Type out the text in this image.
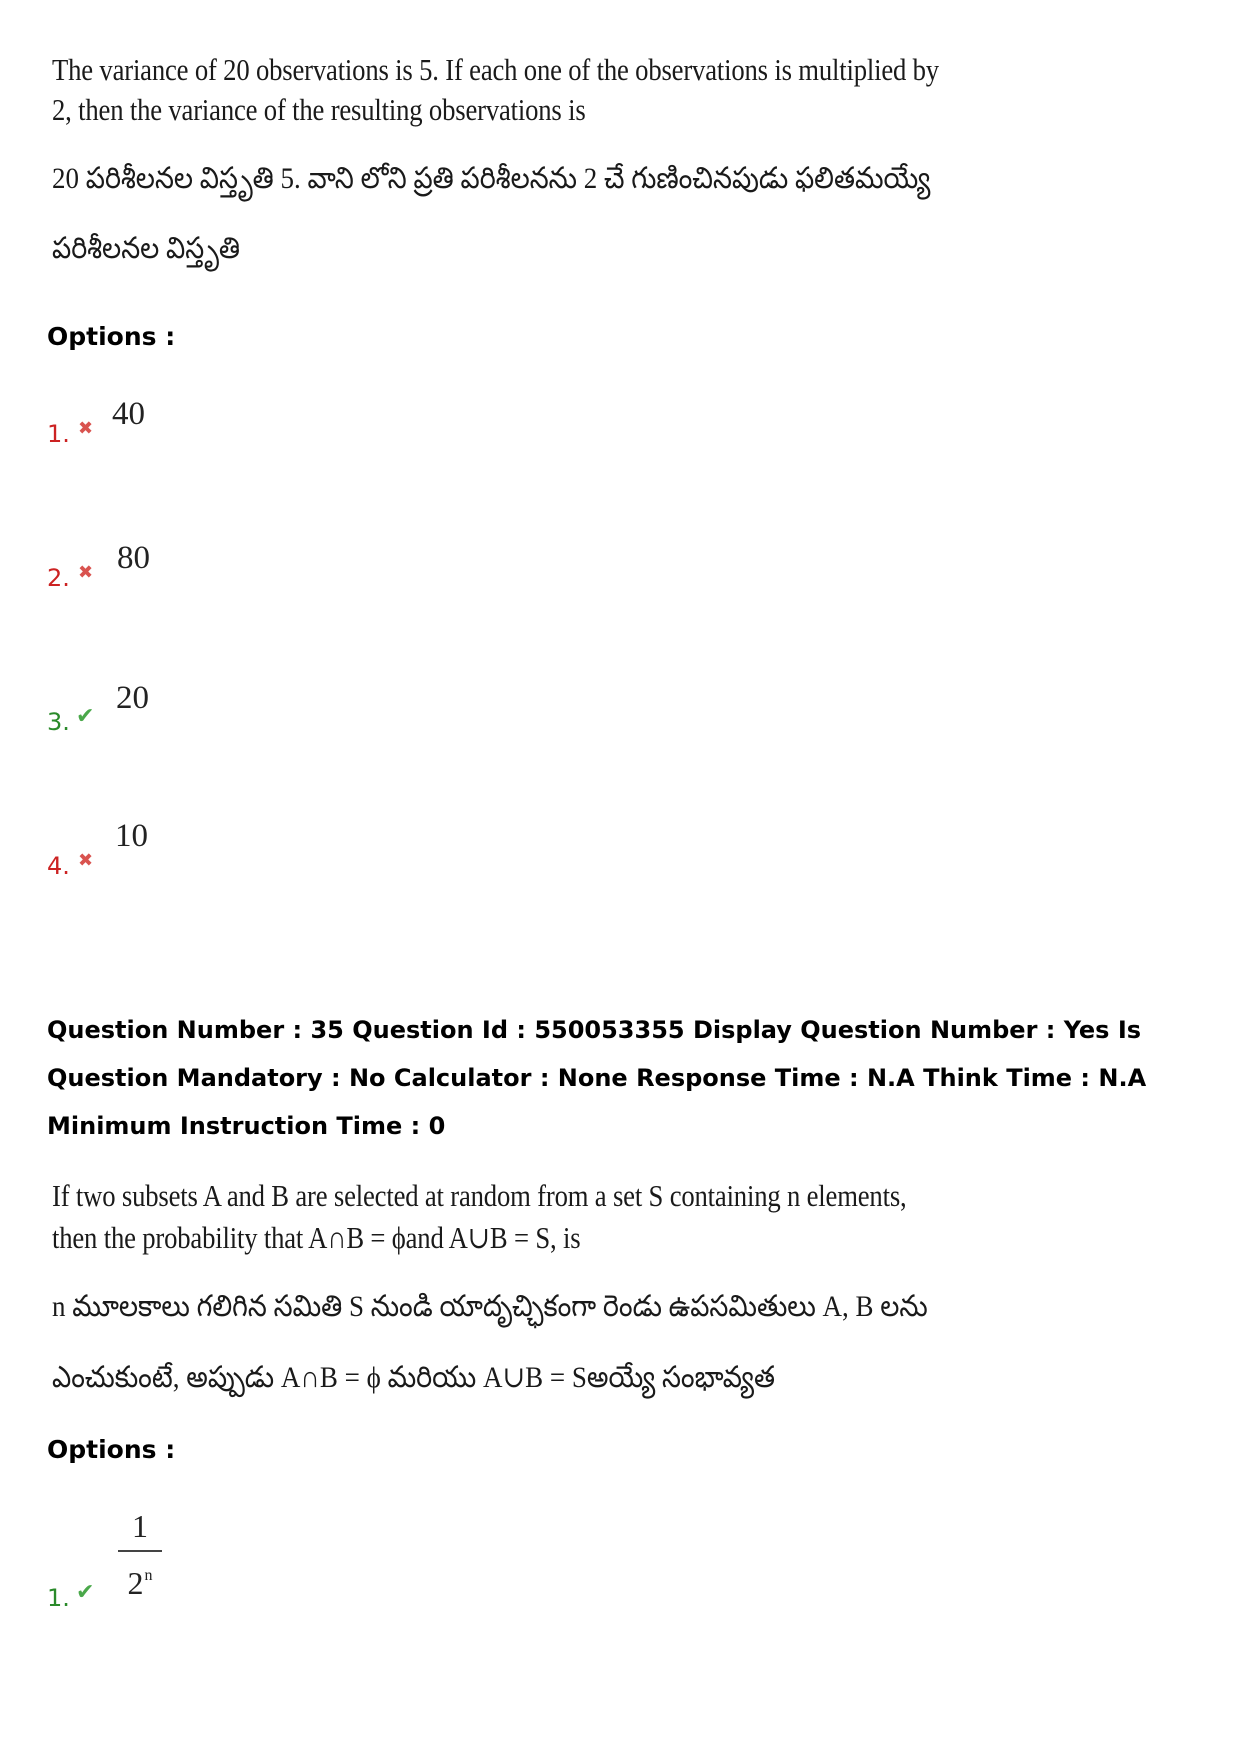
The variance of 20 observations is 5. If each one of the observations is multiplied by
2, then the variance of the resulting observations is
20 పరిశీలనల విస్తృతి 5. వాని లోని ప్రతి పరిశీలనను 2 చే గుణించినపుడు ఫలితమయ్యే
పరిశీలనల విస్తృతి
Options :
1. ✖ 40
2. ✖ 80
3. ✔
20
4. ✖
10
Question Number : 35 Question Id : 550053355 Display Question Number : Yes Is Question Mandatory : No Calculator : None Response Time : N.A Think Time : N.A Minimum Instruction Time : 0
If two subsets A and B are selected at random from a set S containing n elements,
then the probability that A∩B = ϕand A∪B = S, is
n మూలకాలు గలిగిన సమితి S నుండి యాదృచ్ఛికంగా రెండు ఉపసమితులు A, B లను
ఎంచుకుంటే, అప్పుడు A∩B = ϕ మరియు A∪B = Sఅయ్యే సంభావ్యత
Options :
1. ✔
1
2$^n$
